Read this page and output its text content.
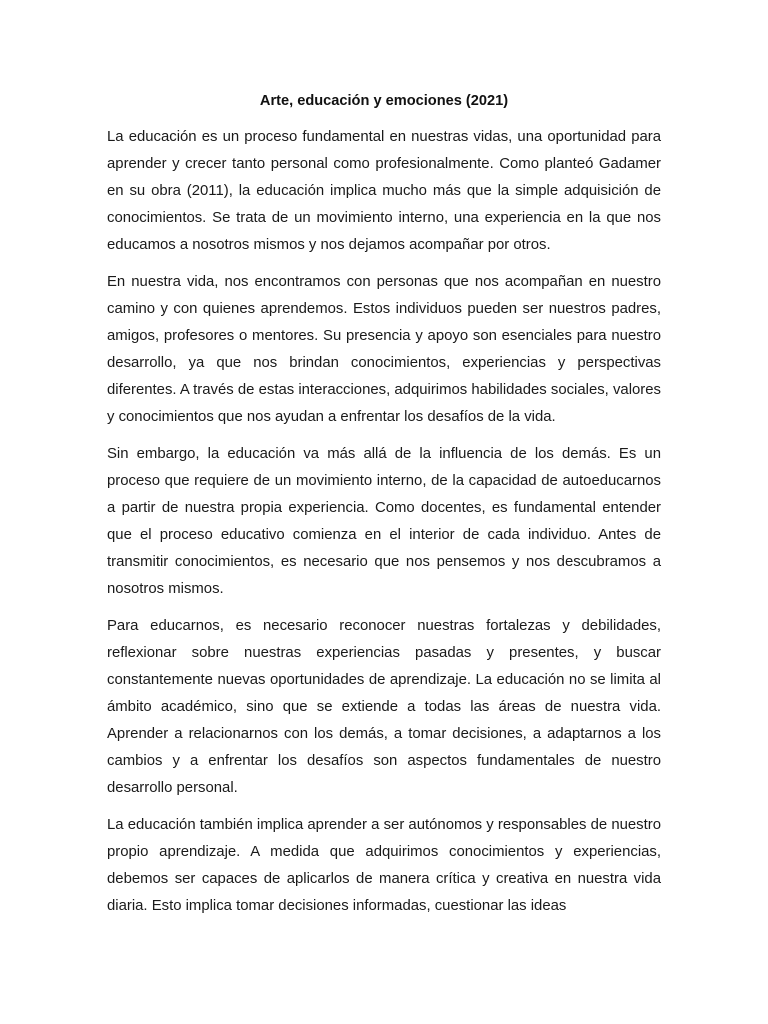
Arte, educación y emociones (2021)

La educación es un proceso fundamental en nuestras vidas, una oportunidad para aprender y crecer tanto personal como profesionalmente. Como planteó Gadamer en su obra (2011), la educación implica mucho más que la simple adquisición de conocimientos. Se trata de un movimiento interno, una experiencia en la que nos educamos a nosotros mismos y nos dejamos acompañar por otros.

En nuestra vida, nos encontramos con personas que nos acompañan en nuestro camino y con quienes aprendemos. Estos individuos pueden ser nuestros padres, amigos, profesores o mentores. Su presencia y apoyo son esenciales para nuestro desarrollo, ya que nos brindan conocimientos, experiencias y perspectivas diferentes. A través de estas interacciones, adquirimos habilidades sociales, valores y conocimientos que nos ayudan a enfrentar los desafíos de la vida.

Sin embargo, la educación va más allá de la influencia de los demás. Es un proceso que requiere de un movimiento interno, de la capacidad de autoeducarnos a partir de nuestra propia experiencia. Como docentes, es fundamental entender que el proceso educativo comienza en el interior de cada individuo. Antes de transmitir conocimientos, es necesario que nos pensemos y nos descubramos a nosotros mismos.

Para educarnos, es necesario reconocer nuestras fortalezas y debilidades, reflexionar sobre nuestras experiencias pasadas y presentes, y buscar constantemente nuevas oportunidades de aprendizaje. La educación no se limita al ámbito académico, sino que se extiende a todas las áreas de nuestra vida. Aprender a relacionarnos con los demás, a tomar decisiones, a adaptarnos a los cambios y a enfrentar los desafíos son aspectos fundamentales de nuestro desarrollo personal.

La educación también implica aprender a ser autónomos y responsables de nuestro propio aprendizaje. A medida que adquirimos conocimientos y experiencias, debemos ser capaces de aplicarlos de manera crítica y creativa en nuestra vida diaria. Esto implica tomar decisiones informadas, cuestionar las ideas
